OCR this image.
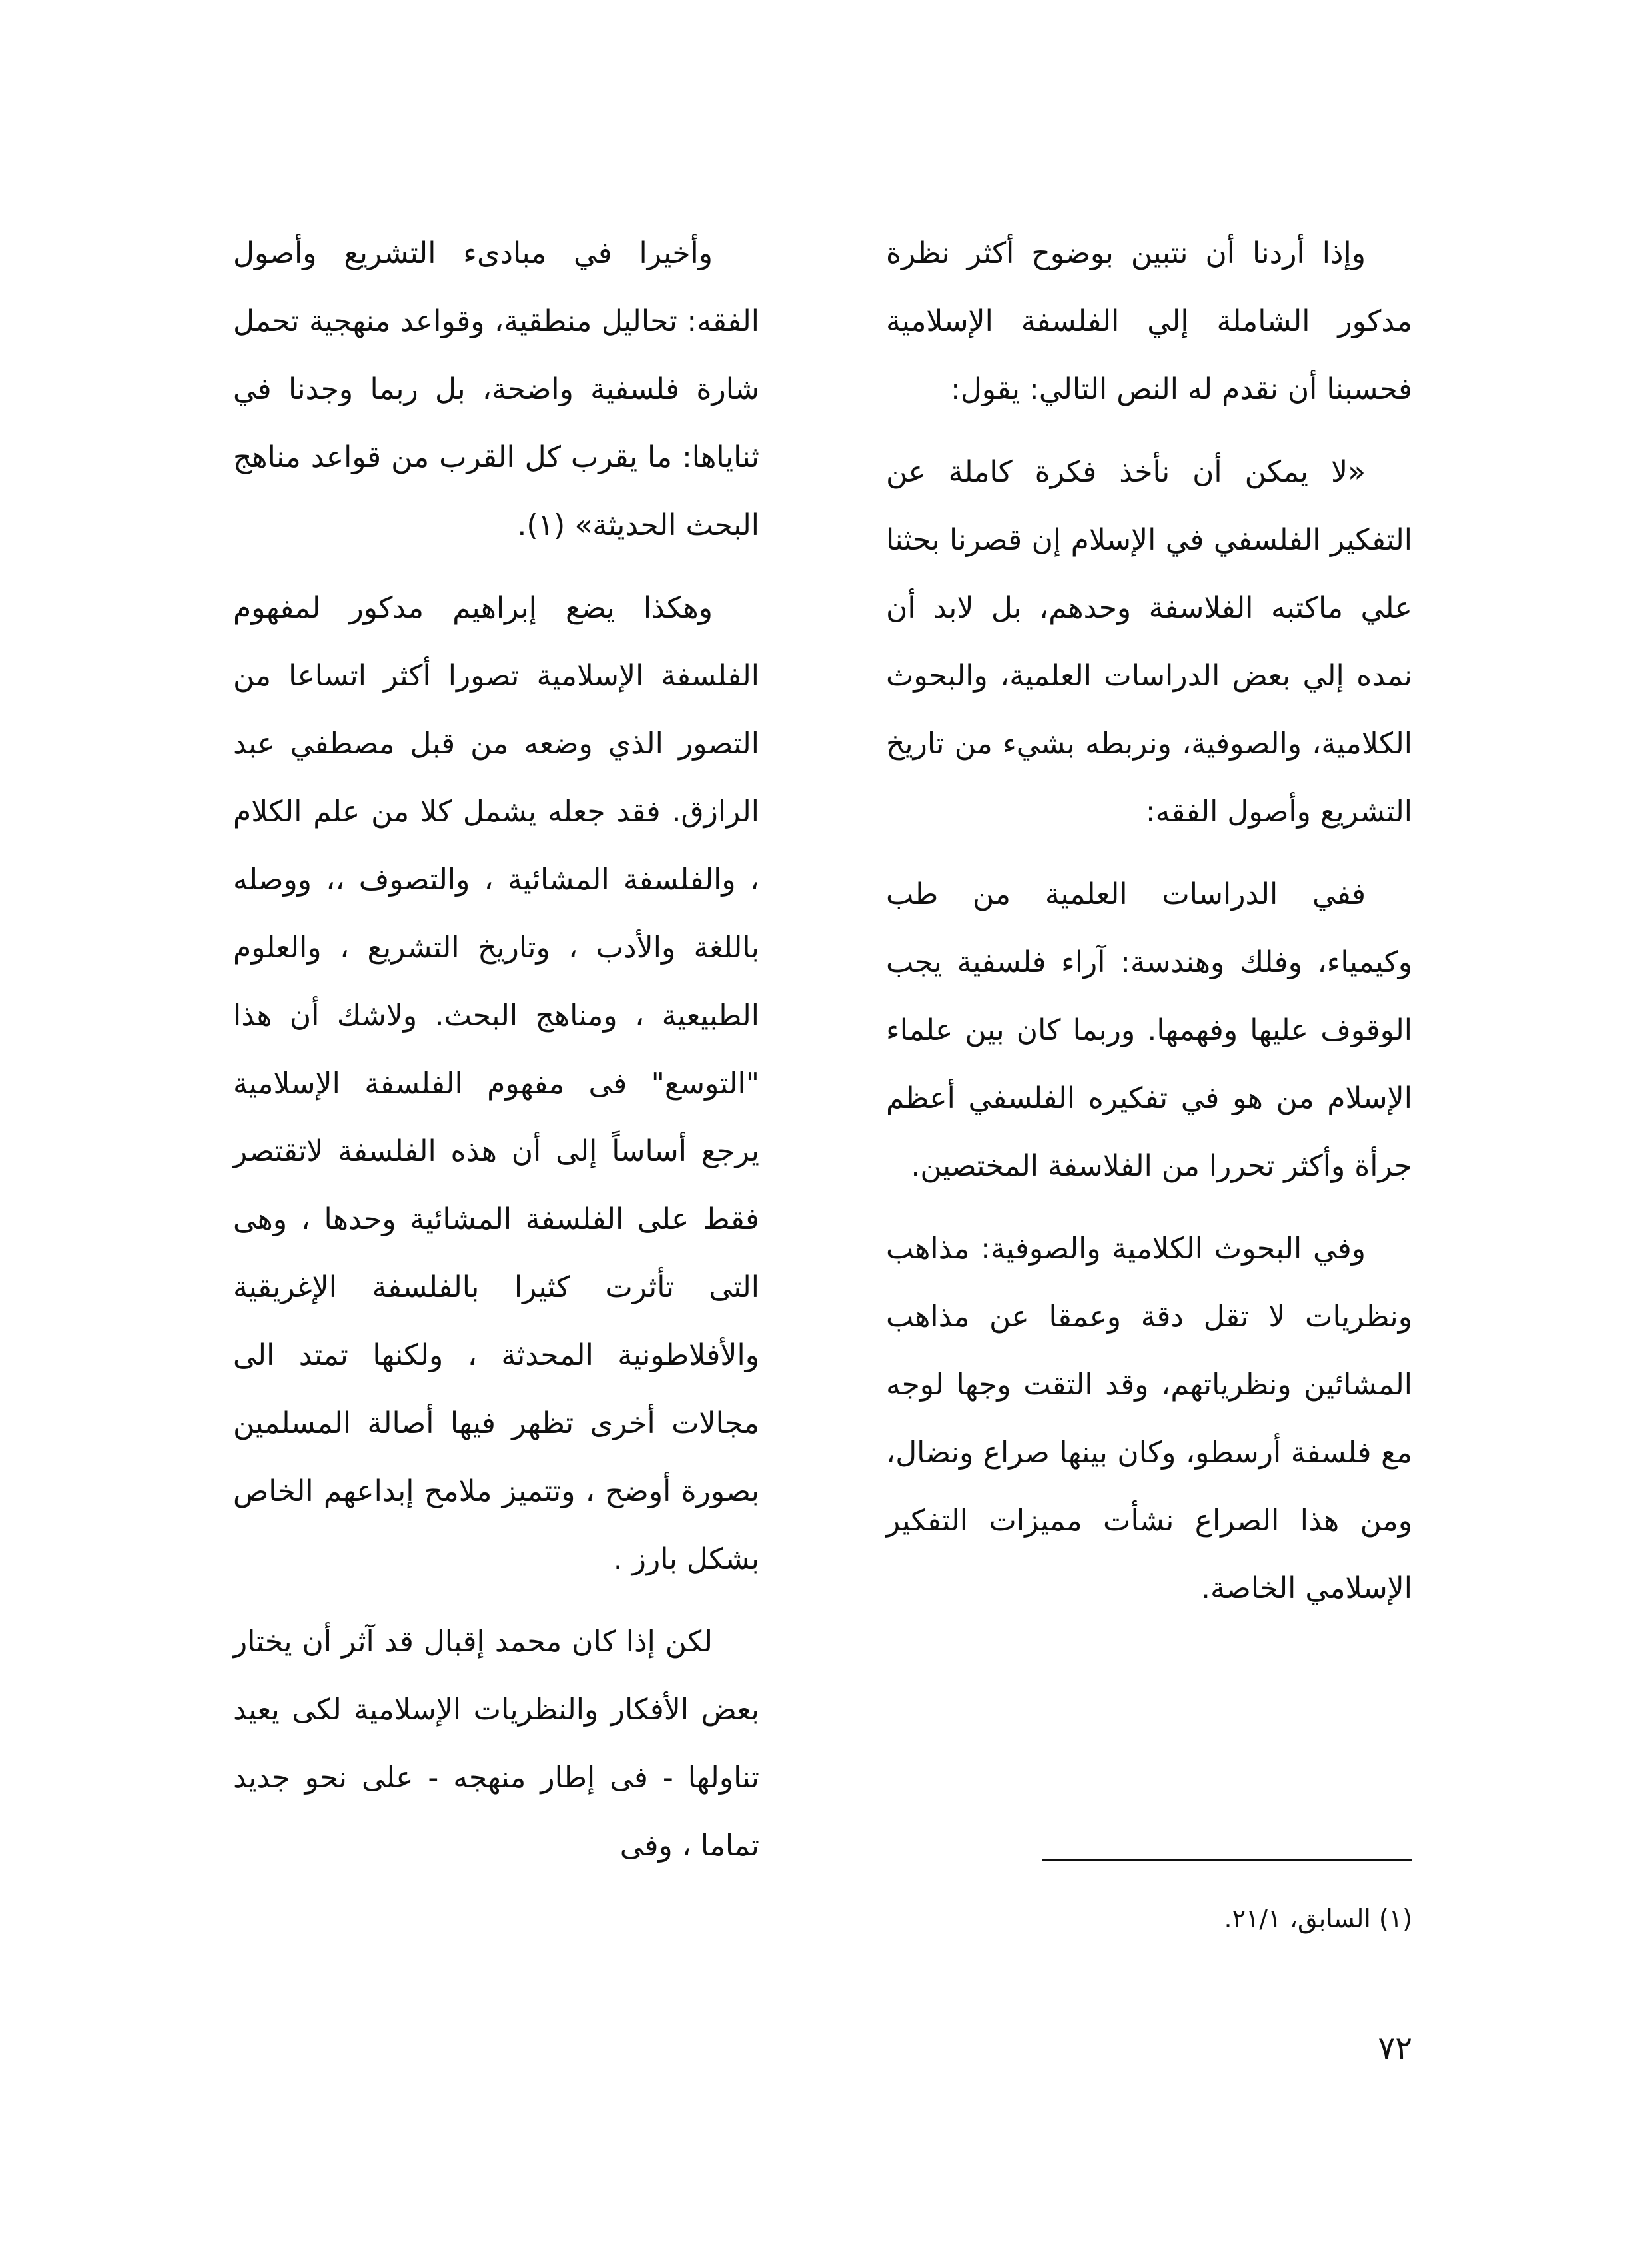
وإذا أردنا أن نتبين بوضوح أكثر نظرة مدكور الشاملة إلي الفلسفة الإسلامية فحسبنا أن نقدم له النص التالي: يقول:

«لا يمكن أن نأخذ فكرة كاملة عن التفكير الفلسفي في الإسلام إن قصرنا بحثنا علي ماكتبه الفلاسفة وحدهم، بل لابد أن نمده إلي بعض الدراسات العلمية، والبحوث الكلامية، والصوفية، ونربطه بشيء من تاريخ التشريع وأصول الفقه:

ففي الدراسات العلمية من طب وكيمياء، وفلك وهندسة: آراء فلسفية يجب الوقوف عليها وفهمها. وربما كان بين علماء الإسلام من هو في تفكيره الفلسفي أعظم جرأة وأكثر تحررا من الفلاسفة المختصين.

وفي البحوث الكلامية والصوفية: مذاهب ونظريات لا تقل دقة وعمقا عن مذاهب المشائين ونظرياتهم، وقد التقت وجها لوجه مع فلسفة أرسطو، وكان بينها صراع ونضال، ومن هذا الصراع نشأت مميزات التفكير الإسلامي الخاصة.

وأخيرا في مبادىء التشريع وأصول الفقه: تحاليل منطقية، وقواعد منهجية تحمل شارة فلسفية واضحة، بل ربما وجدنا في ثناياها: ما يقرب كل القرب من قواعد مناهج البحث الحديثة» (١).

وهكذا يضع إبراهيم مدكور لمفهوم الفلسفة الإسلامية تصورا أكثر اتساعا من التصور الذي وضعه من قبل مصطفي عبد الرازق. فقد جعله يشمل كلا من علم الكلام ، والفلسفة المشائية ، والتصوف ،، ووصله باللغة والأدب ، وتاريخ التشريع ، والعلوم الطبيعية ، ومناهج البحث. ولاشك أن هذا "التوسع" فى مفهوم الفلسفة الإسلامية يرجع أساساً إلى أن هذه الفلسفة لاتقتصر فقط على الفلسفة المشائية وحدها ، وهى التى تأثرت كثيرا بالفلسفة الإغريقية والأفلاطونية المحدثة ، ولكنها تمتد الى مجالات أخرى تظهر فيها أصالة المسلمين بصورة أوضح ، وتتميز ملامح إبداعهم الخاص بشكل بارز .

لكن إذا كان محمد إقبال قد آثر أن يختار بعض الأفكار والنظريات الإسلامية لكى يعيد تناولها - فى إطار منهجه - على نحو جديد تماما ، وفى

(١) السابق، ٢١/١.
٧٢
